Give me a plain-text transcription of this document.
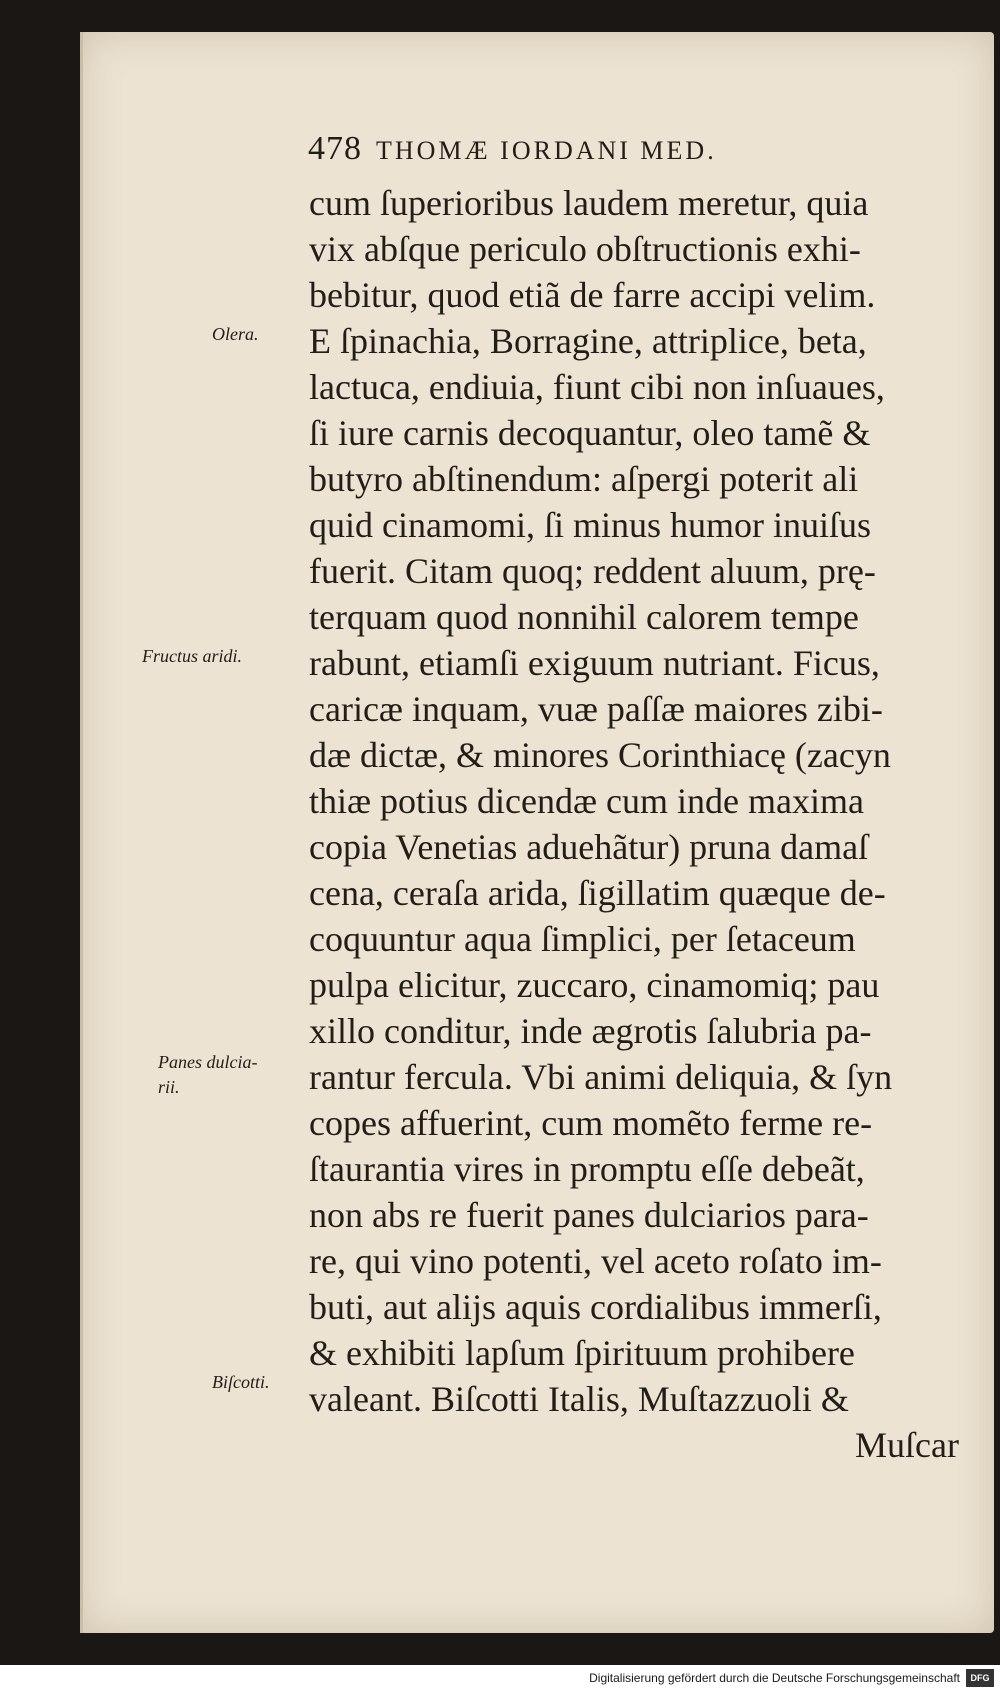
478 THOMÆ IORDANI MED.
Olera.
Fructus aridi.
Panes dulcia-
rii.
Biſcotti.
cum ſuperioribus laudem meretur, quia
vix abſque periculo obſtructionis exhi-
bebitur, quod etiã de farre accipi velim.
E ſpinachia, Borragine, attriplice, beta,
lactuca, endiuia, fiunt cibi non inſuaues,
ſi iure carnis decoquantur, oleo tamẽ &
butyro abſtinendum: aſpergi poterit ali
quid cinamomi, ſi minus humor inuiſus
fuerit. Citam quoq; reddent aluum, prę-
terquam quod nonnihil calorem tempe
rabunt, etiamſi exiguum nutriant. Ficus,
caricæ inquam, vuæ paſſæ maiores zibi-
dæ dictæ, & minores Corinthiacę (zacyn
thiæ potius dicendæ cum inde maxima
copia Venetias aduehãtur) pruna damaſ
cena, ceraſa arida, ſigillatim quæque de-
coquuntur aqua ſimplici, per ſetaceum
pulpa elicitur, zuccaro, cinamomiq; pau
xillo conditur, inde ægrotis ſalubria pa-
rantur fercula. Vbi animi deliquia, & ſyn
copes affuerint, cum momẽto ferme re-
ſtaurantia vires in promptu eſſe debeãt,
non abs re fuerit panes dulciarios para-
re, qui vino potenti, vel aceto roſato im-
buti, aut alijs aquis cordialibus immerſi,
& exhibiti lapſum ſpirituum prohibere
valeant. Biſcotti Italis, Muſtazzuoli &
Muſcar
Digitalisierung gefördert durch die Deutsche Forschungsgemeinschaft	DFG
